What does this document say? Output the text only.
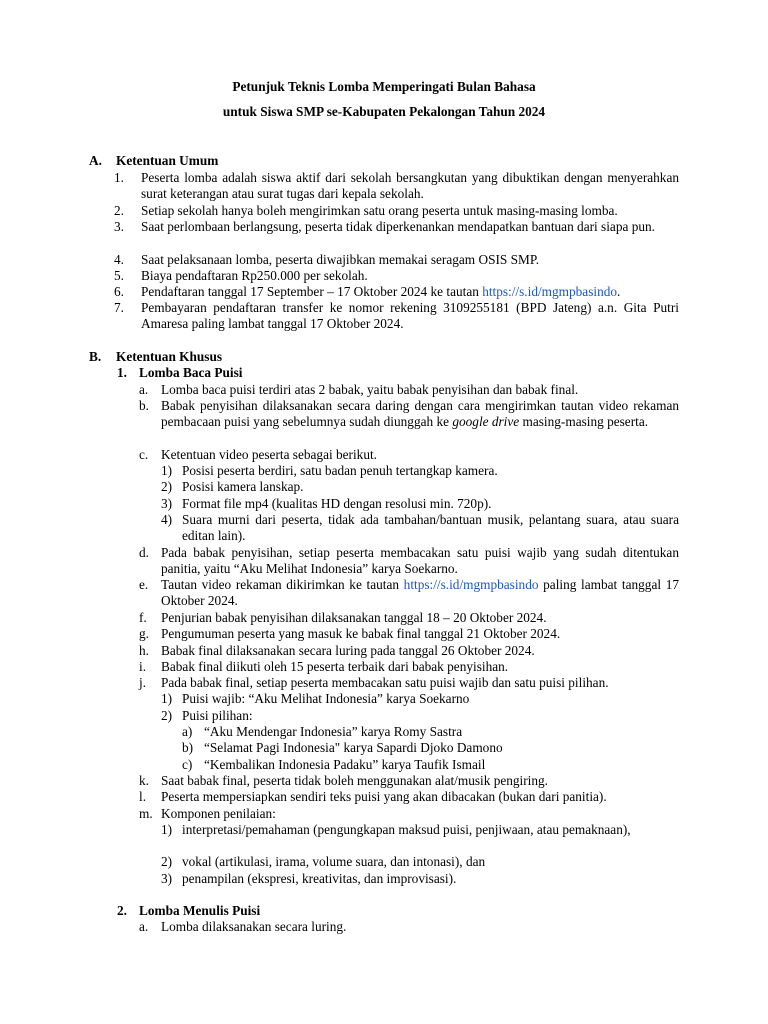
Petunjuk Teknis Lomba Memperingati Bulan Bahasa
untuk Siswa SMP se-Kabupaten Pekalongan Tahun 2024
A. Ketentuan Umum
1.	Peserta lomba adalah siswa aktif dari sekolah bersangkutan yang dibuktikan dengan menyerahkan surat keterangan atau surat tugas dari kepala sekolah.
2.	Setiap sekolah hanya boleh mengirimkan satu orang peserta untuk masing-masing lomba.
3.	Saat perlombaan berlangsung, peserta tidak diperkenankan mendapatkan bantuan dari siapa pun.
4.	Saat pelaksanaan lomba, peserta diwajibkan memakai seragam OSIS SMP.
5.	Biaya pendaftaran Rp250.000 per sekolah.
6.	Pendaftaran tanggal 17 September – 17 Oktober 2024 ke tautan https://s.id/mgmpbasindo.
7.	Pembayaran pendaftaran transfer ke nomor rekening 3109255181 (BPD Jateng) a.n. Gita Putri Amaresa paling lambat tanggal 17 Oktober 2024.
B. Ketentuan Khusus
1. Lomba Baca Puisi
a. Lomba baca puisi terdiri atas 2 babak, yaitu babak penyisihan dan babak final.
b. Babak penyisihan dilaksanakan secara daring dengan cara mengirimkan tautan video rekaman pembacaan puisi yang sebelumnya sudah diunggah ke google drive masing-masing peserta.
c. Ketentuan video peserta sebagai berikut.
1) Posisi peserta berdiri, satu badan penuh tertangkap kamera.
2) Posisi kamera lanskap.
3) Format file mp4 (kualitas HD dengan resolusi min. 720p).
4) Suara murni dari peserta, tidak ada tambahan/bantuan musik, pelantang suara, atau suara editan lain).
d. Pada babak penyisihan, setiap peserta membacakan satu puisi wajib yang sudah ditentukan panitia, yaitu “Aku Melihat Indonesia” karya Soekarno.
e. Tautan video rekaman dikirimkan ke tautan https://s.id/mgmpbasindo paling lambat tanggal 17 Oktober 2024.
f.	Penjurian babak penyisihan dilaksanakan tanggal 18 – 20 Oktober 2024.
g. Pengumuman peserta yang masuk ke babak final tanggal 21 Oktober 2024.
h. Babak final dilaksanakan secara luring pada tanggal 26 Oktober 2024.
i.	Babak final diikuti oleh 15 peserta terbaik dari babak penyisihan.
j.	Pada babak final, setiap peserta membacakan satu puisi wajib dan satu puisi pilihan.
1) Puisi wajib: “Aku Melihat Indonesia” karya Soekarno
2) Puisi pilihan:
a) “Aku Mendengar Indonesia” karya Romy Sastra
b) “Selamat Pagi Indonesia" karya Sapardi Djoko Damono
c) “Kembalikan Indonesia Padaku” karya Taufik Ismail
k. Saat babak final, peserta tidak boleh menggunakan alat/musik pengiring.
l.	Peserta mempersiapkan sendiri teks puisi yang akan dibacakan (bukan dari panitia).
m. Komponen penilaian:
1) interpretasi/pemahaman (pengungkapan maksud puisi, penjiwaan, atau pemaknaan),
2) vokal (artikulasi, irama, volume suara, dan intonasi), dan
3) penampilan (ekspresi, kreativitas, dan improvisasi).
2. Lomba Menulis Puisi
a. Lomba dilaksanakan secara luring.
